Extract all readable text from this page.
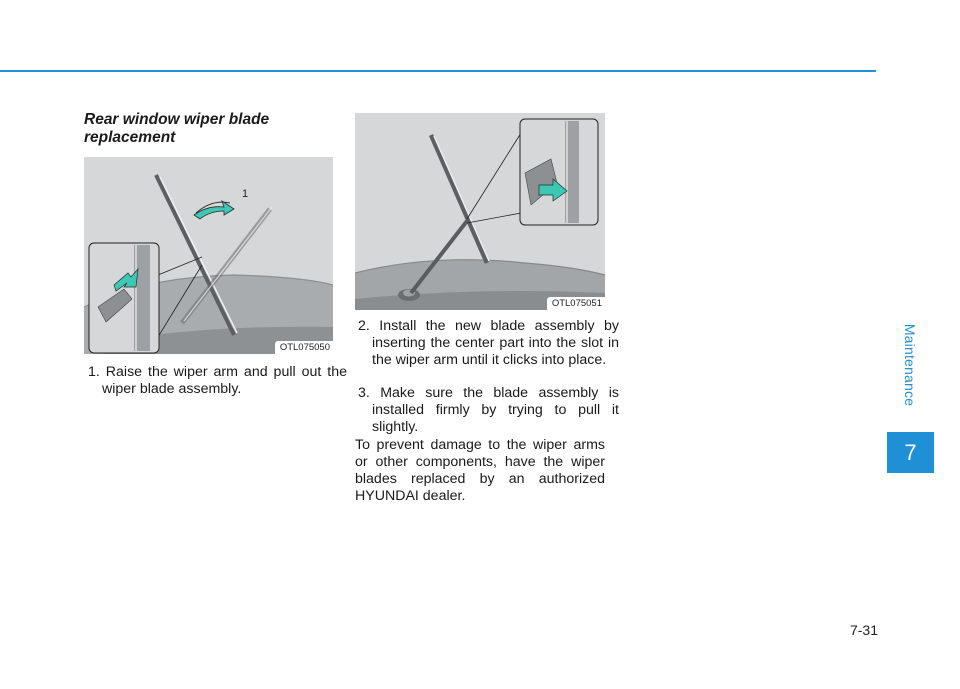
Maintenance
7
Rear window wiper blade replacement
1
OTL075050
OTL075051
1. Raise the wiper arm and pull out the wiper blade assembly.
2. Install the new blade assembly by inserting the center part into the slot in the wiper arm until it clicks into place.
3. Make sure the blade assembly is installed firmly by trying to pull it slightly.
To prevent damage to the wiper arms or other components, have the wiper blades replaced by an authorized HYUNDAI dealer.
7-31
